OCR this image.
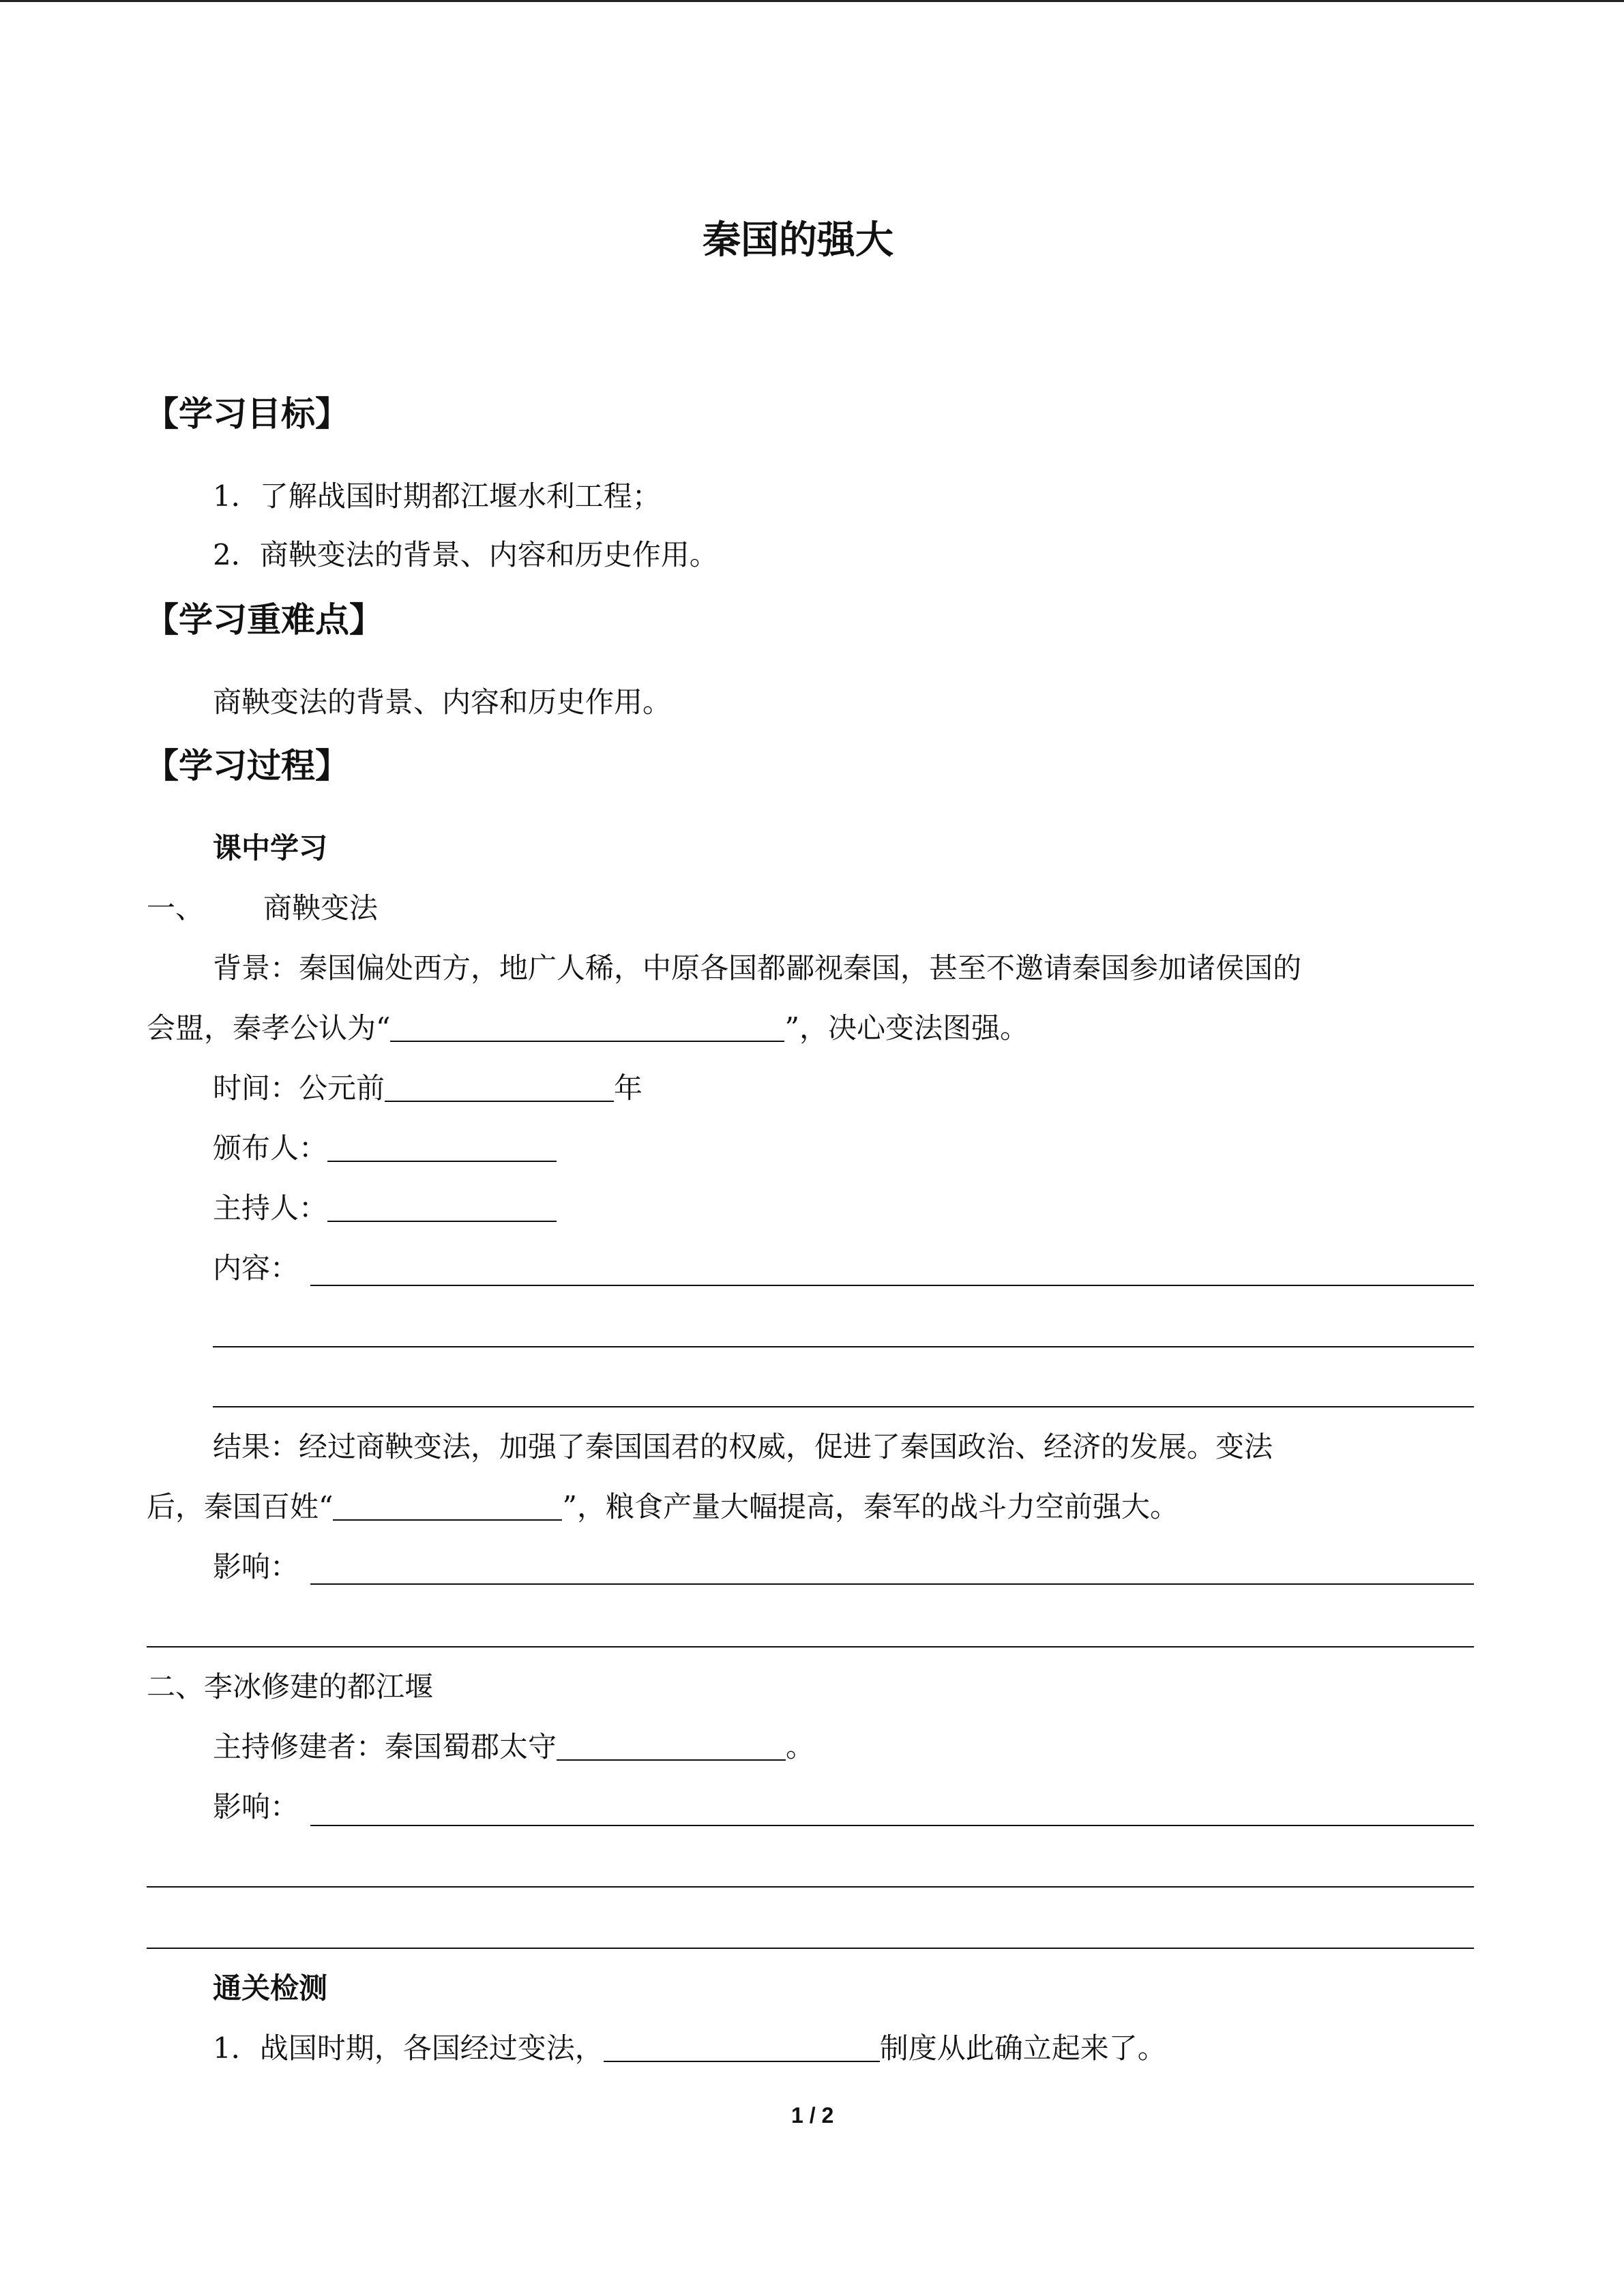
秦国的强大
【学习目标】
1．了解战国时期都江堰水利工程；
2．商鞅变法的背景、内容和历史作用。
【学习重难点】
商鞅变法的背景、内容和历史作用。
【学习过程】
课中学习
一、 商鞅变法
背景：秦国偏处西方，地广人稀，中原各国都鄙视秦国，甚至不邀请秦国参加诸侯国的
会盟，秦孝公认为“	”，决心变法图强。
时间：公元前	年
颁布人：
主持人：
内容：
结果：经过商鞅变法，加强了秦国国君的权威，促进了秦国政治、经济的发展。变法
后，秦国百姓“	”，粮食产量大幅提高，秦军的战斗力空前强大。
影响：
二、李冰修建的都江堰
主持修建者：秦国蜀郡太守	。
影响：
通关检测
1．战国时期，各国经过变法，	制度从此确立起来了。
1 / 2
